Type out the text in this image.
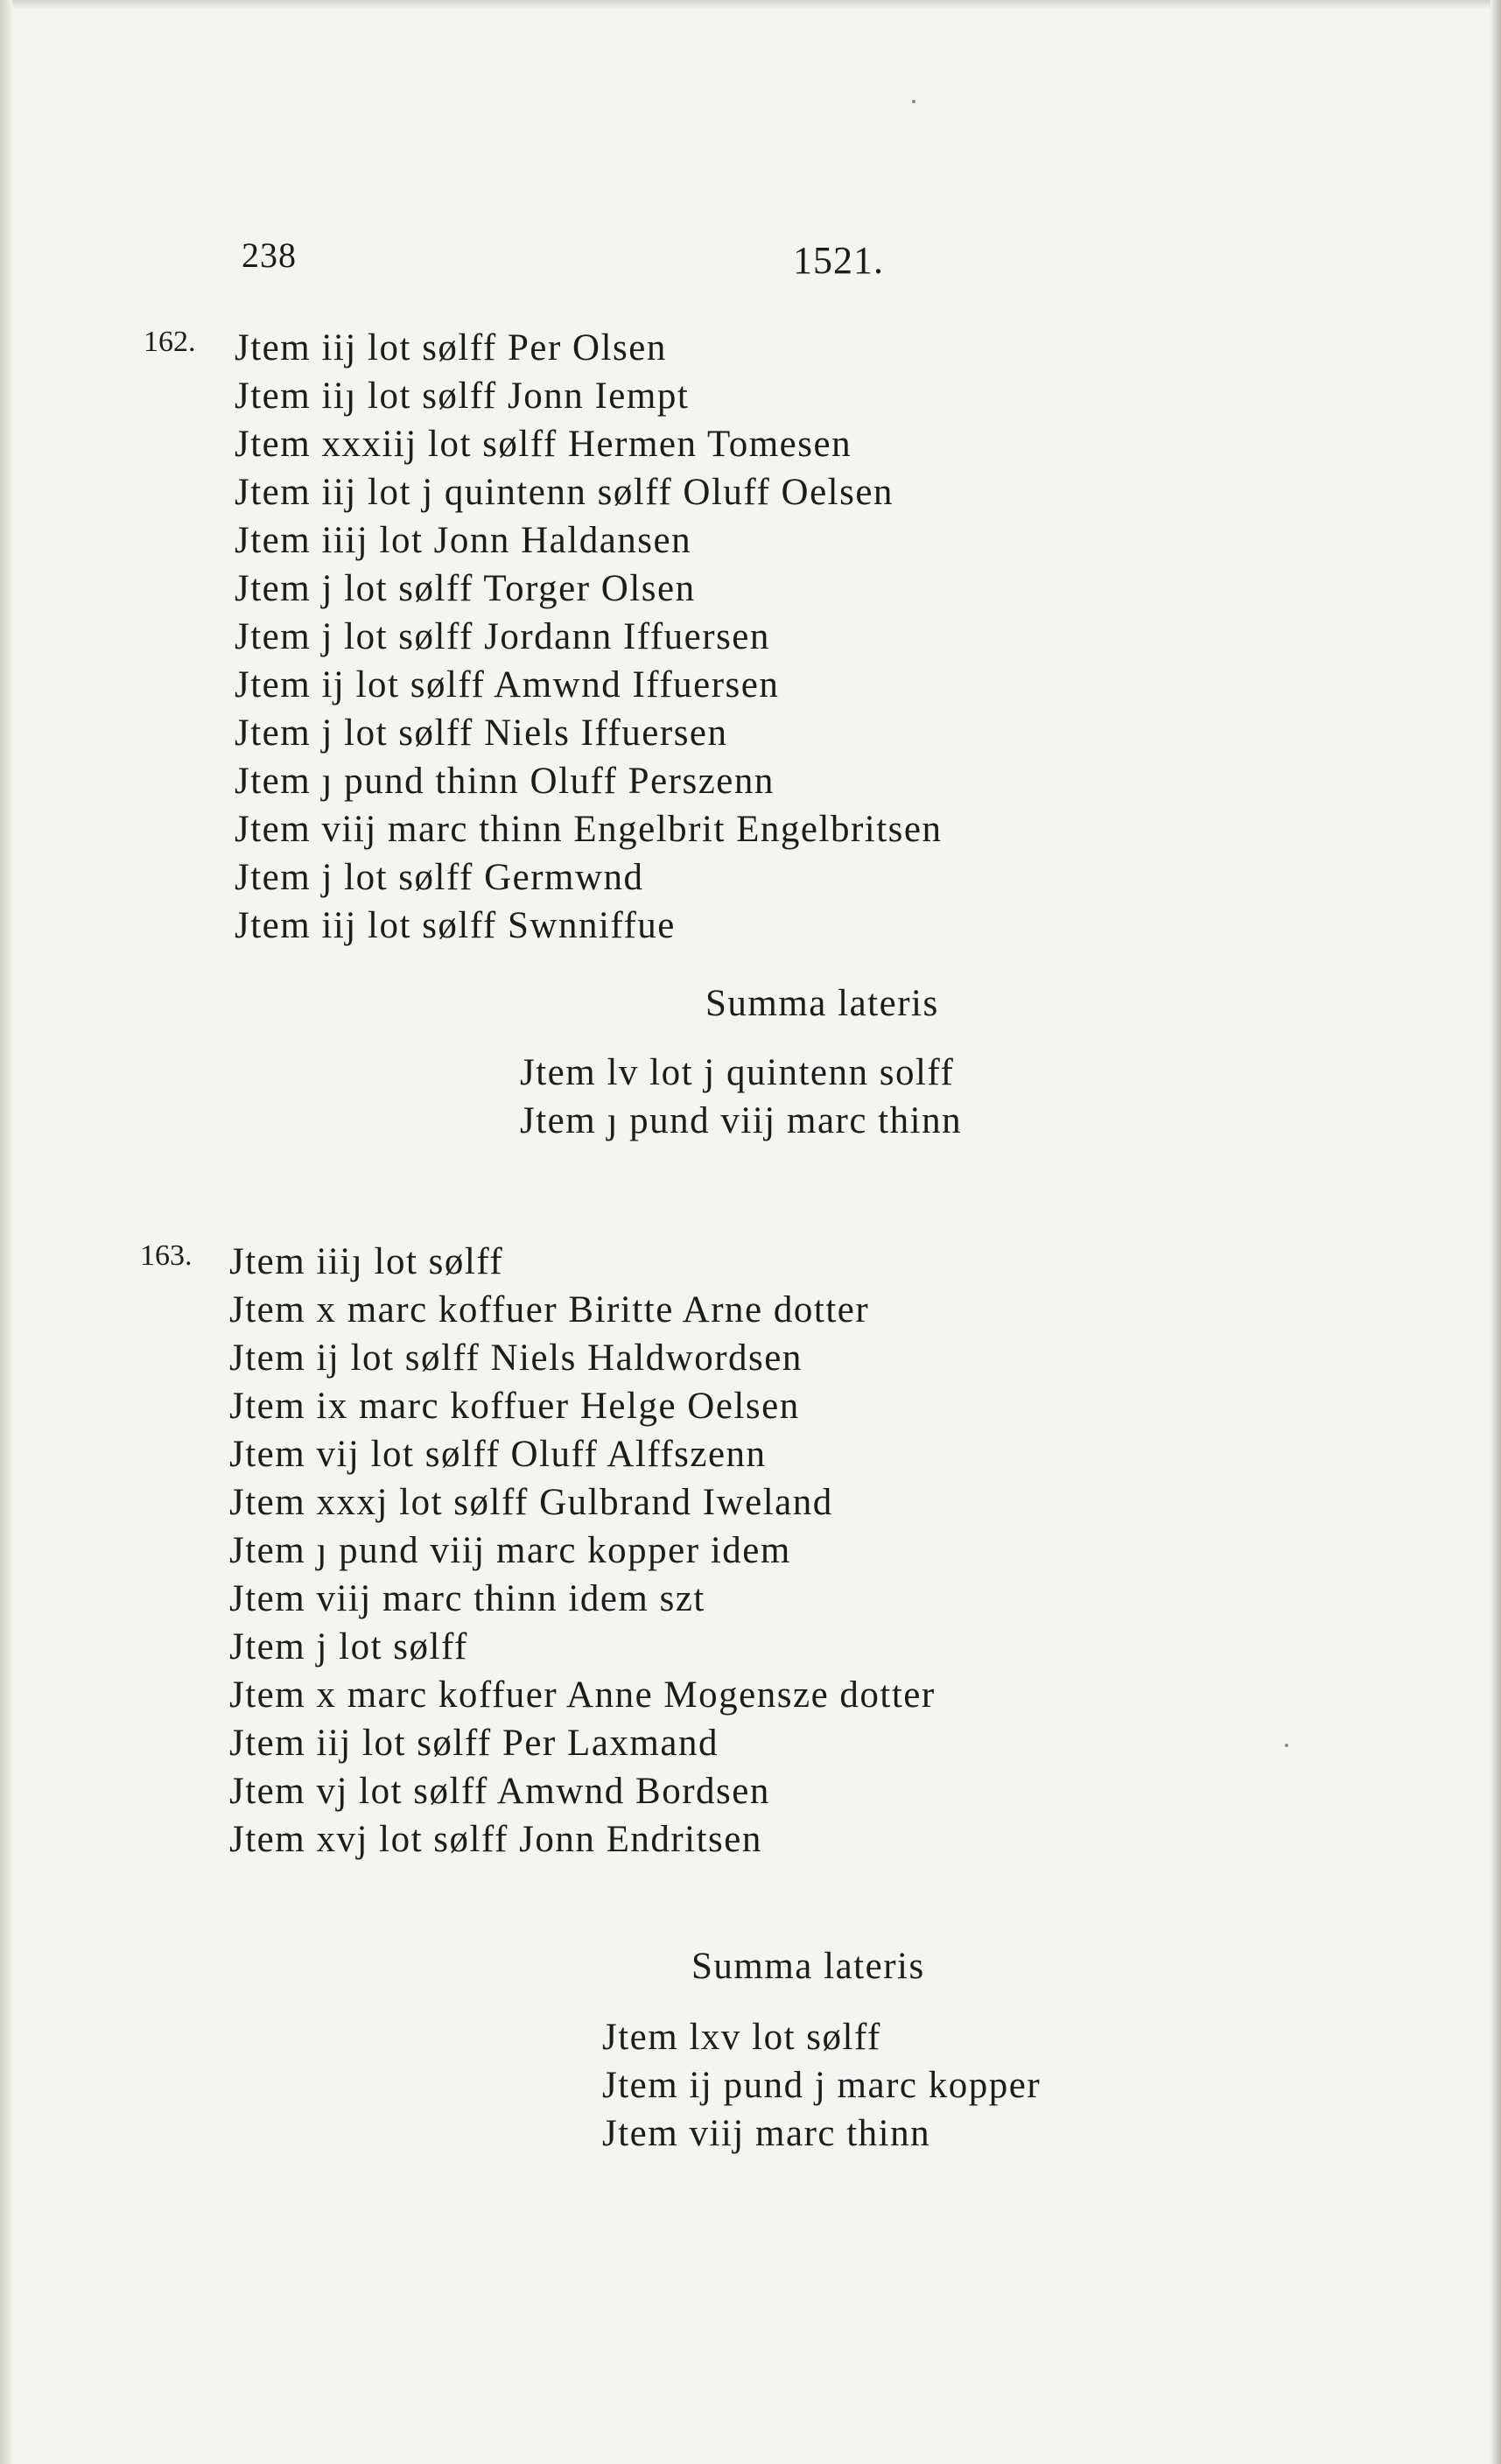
238	1521.
162. Jtem iij lot sølff Per Olsen
Jtem iiȷ lot sølff Jonn Iempt
Jtem xxxiij lot sølff Hermen Tomesen
Jtem iij lot j quintenn sølff Oluff Oelsen
Jtem iiij lot Jonn Haldansen
Jtem j lot sølff Torger Olsen
Jtem j lot sølff Jordann Iffuersen
Jtem ij lot sølff Amwnd Iffuersen
Jtem j lot sølff Niels Iffuersen
Jtem ȷ pund thinn Oluff Perszenn
Jtem viij marc thinn Engelbrit Engelbritsen
Jtem j lot sølff Germwnd
Jtem iij lot sølff Swnniffue
Summa lateris
Jtem lv lot j quintenn solff
Jtem ȷ pund viij marc thinn
163. Jtem iiiȷ lot sølff
Jtem x marc koffuer Biritte Arne dotter
Jtem ij lot sølff Niels Haldwordsen
Jtem ix marc koffuer Helge Oelsen
Jtem vij lot sølff Oluff Alffszenn
Jtem xxxj lot sølff Gulbrand Iweland
Jtem ȷ pund viij marc kopper idem
Jtem viij marc thinn idem szt
Jtem j lot sølff
Jtem x marc koffuer Anne Mogensze dotter
Jtem iij lot sølff Per Laxmand
Jtem vj lot sølff Amwnd Bordsen
Jtem xvj lot sølff Jonn Endritsen
Summa lateris
Jtem lxv lot sølff
Jtem ij pund j marc kopper
Jtem viij marc thinn
